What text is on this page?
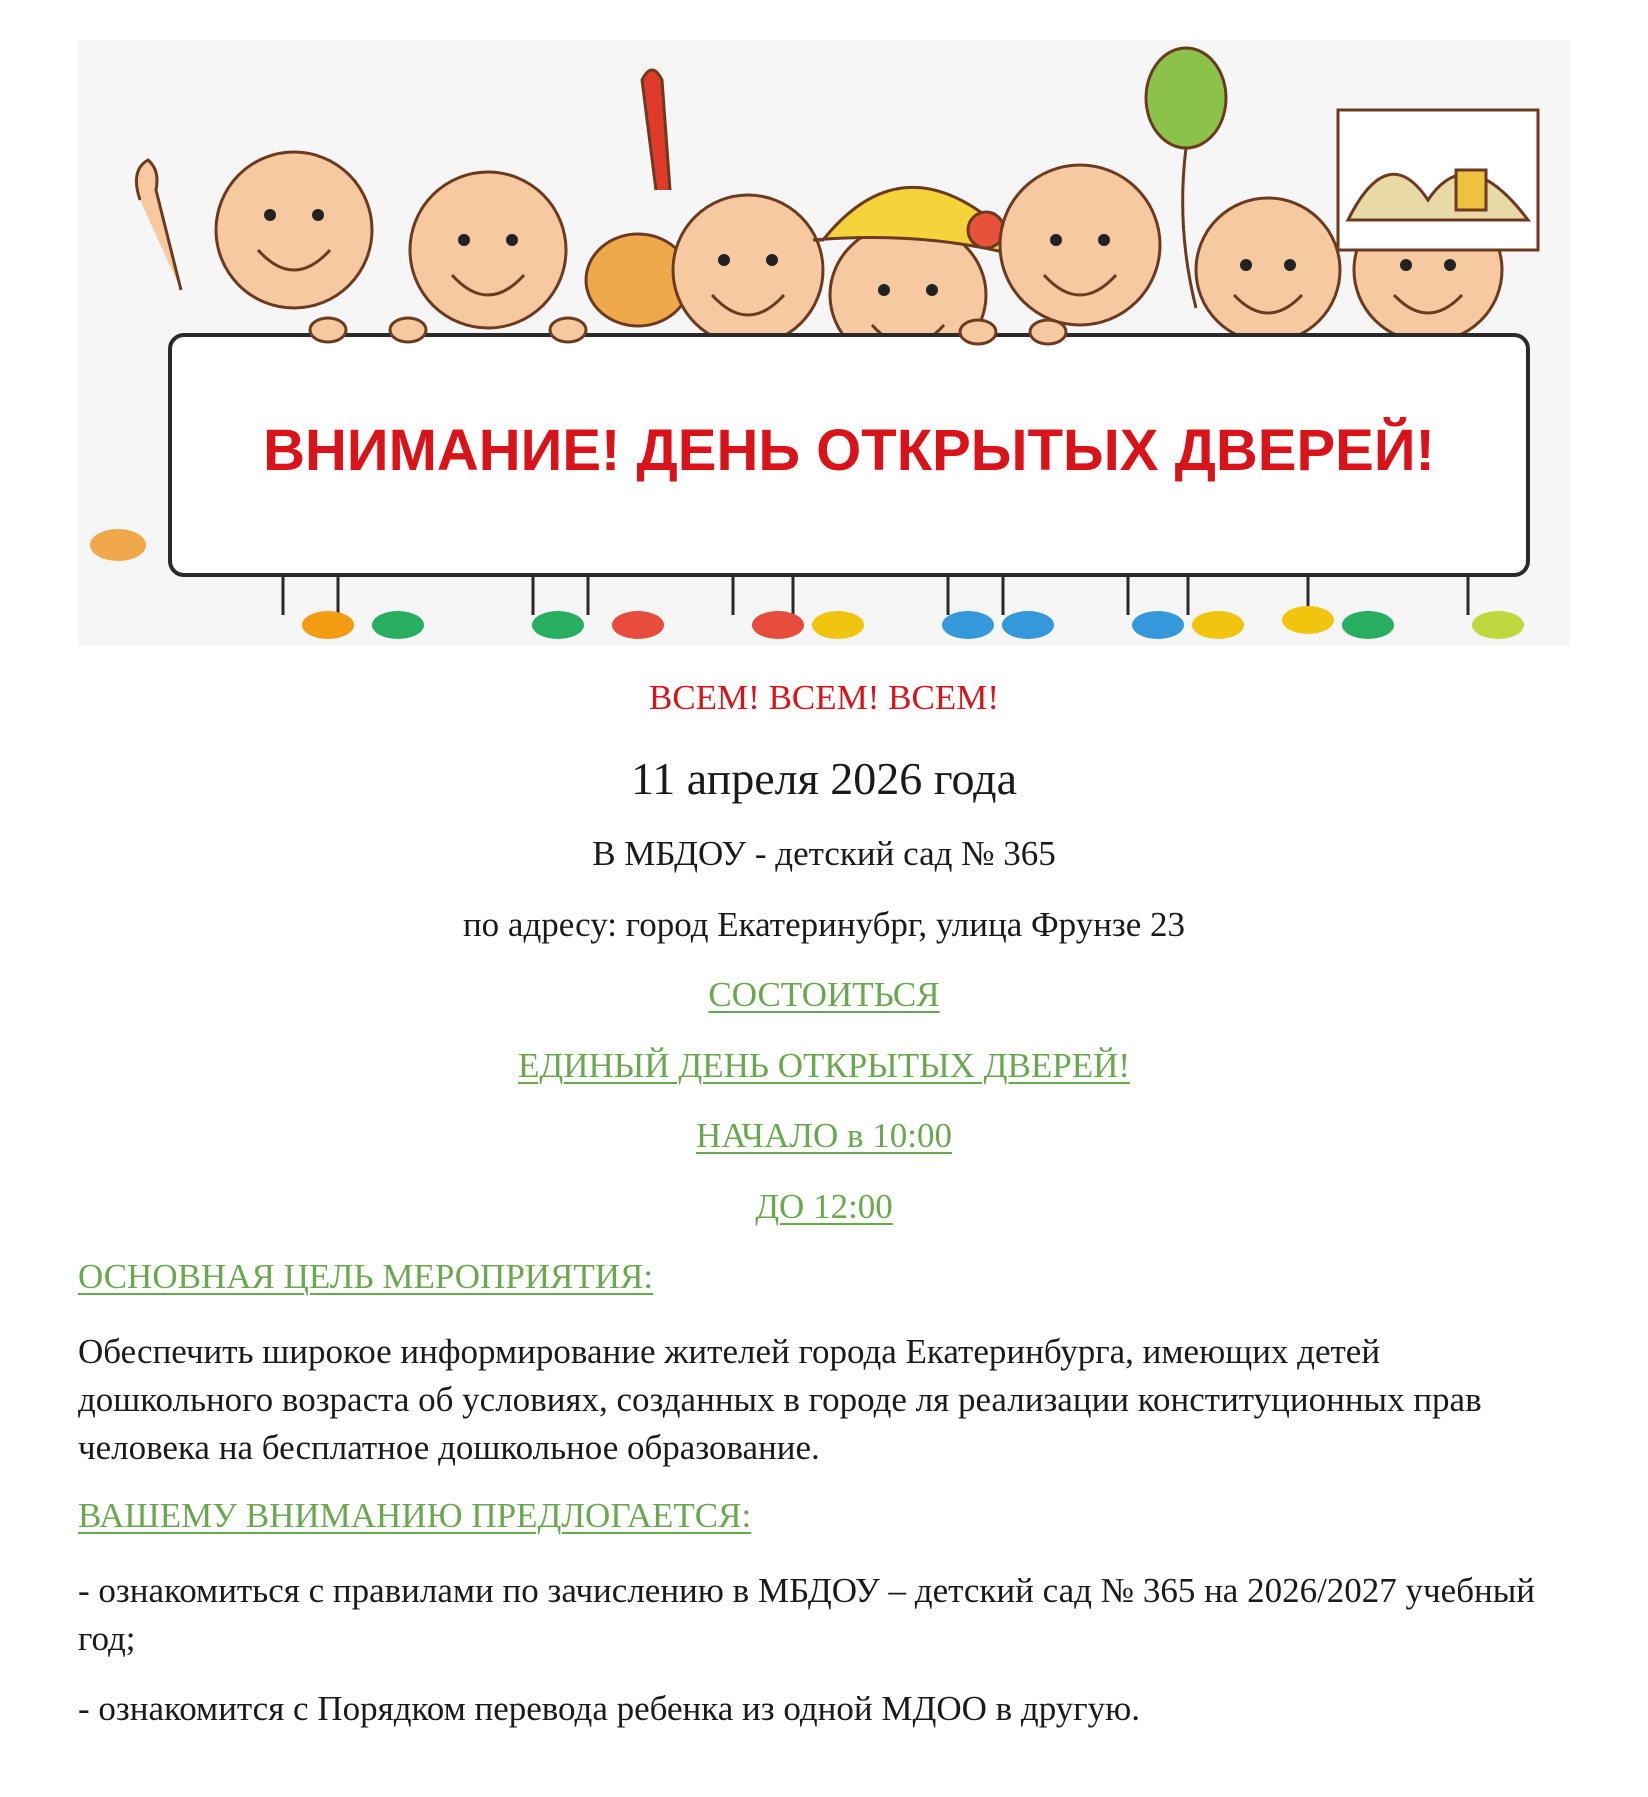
ВНИМАНИЕ! ДЕНЬ ОТКРЫТЫХ ДВЕРЕЙ!
ВСЕМ! ВСЕМ! ВСЕМ!
11 апреля 2026 года
В МБДОУ - детский сад № 365
по адресу: город Екатеринубрг, улица Фрунзе 23
СОСТОИТЬСЯ
ЕДИНЫЙ ДЕНЬ ОТКРЫТЫХ ДВЕРЕЙ!
НАЧАЛО в 10:00
ДО 12:00
ОСНОВНАЯ ЦЕЛЬ МЕРОПРИЯТИЯ:

Обеспечить широкое информирование жителей города Екатеринбурга, имеющих детей дошкольного возраста об условиях, созданных в городе ля реализации конституционных прав человека на бесплатное дошкольное образование.

ВАШЕМУ ВНИМАНИЮ ПРЕДЛОГАЕТСЯ:

- ознакомиться с правилами по зачислению в МБДОУ – детский сад № 365 на 2026/2027 учебный год;

- ознакомится с Порядком перевода ребенка из одной МДОО в другую.
